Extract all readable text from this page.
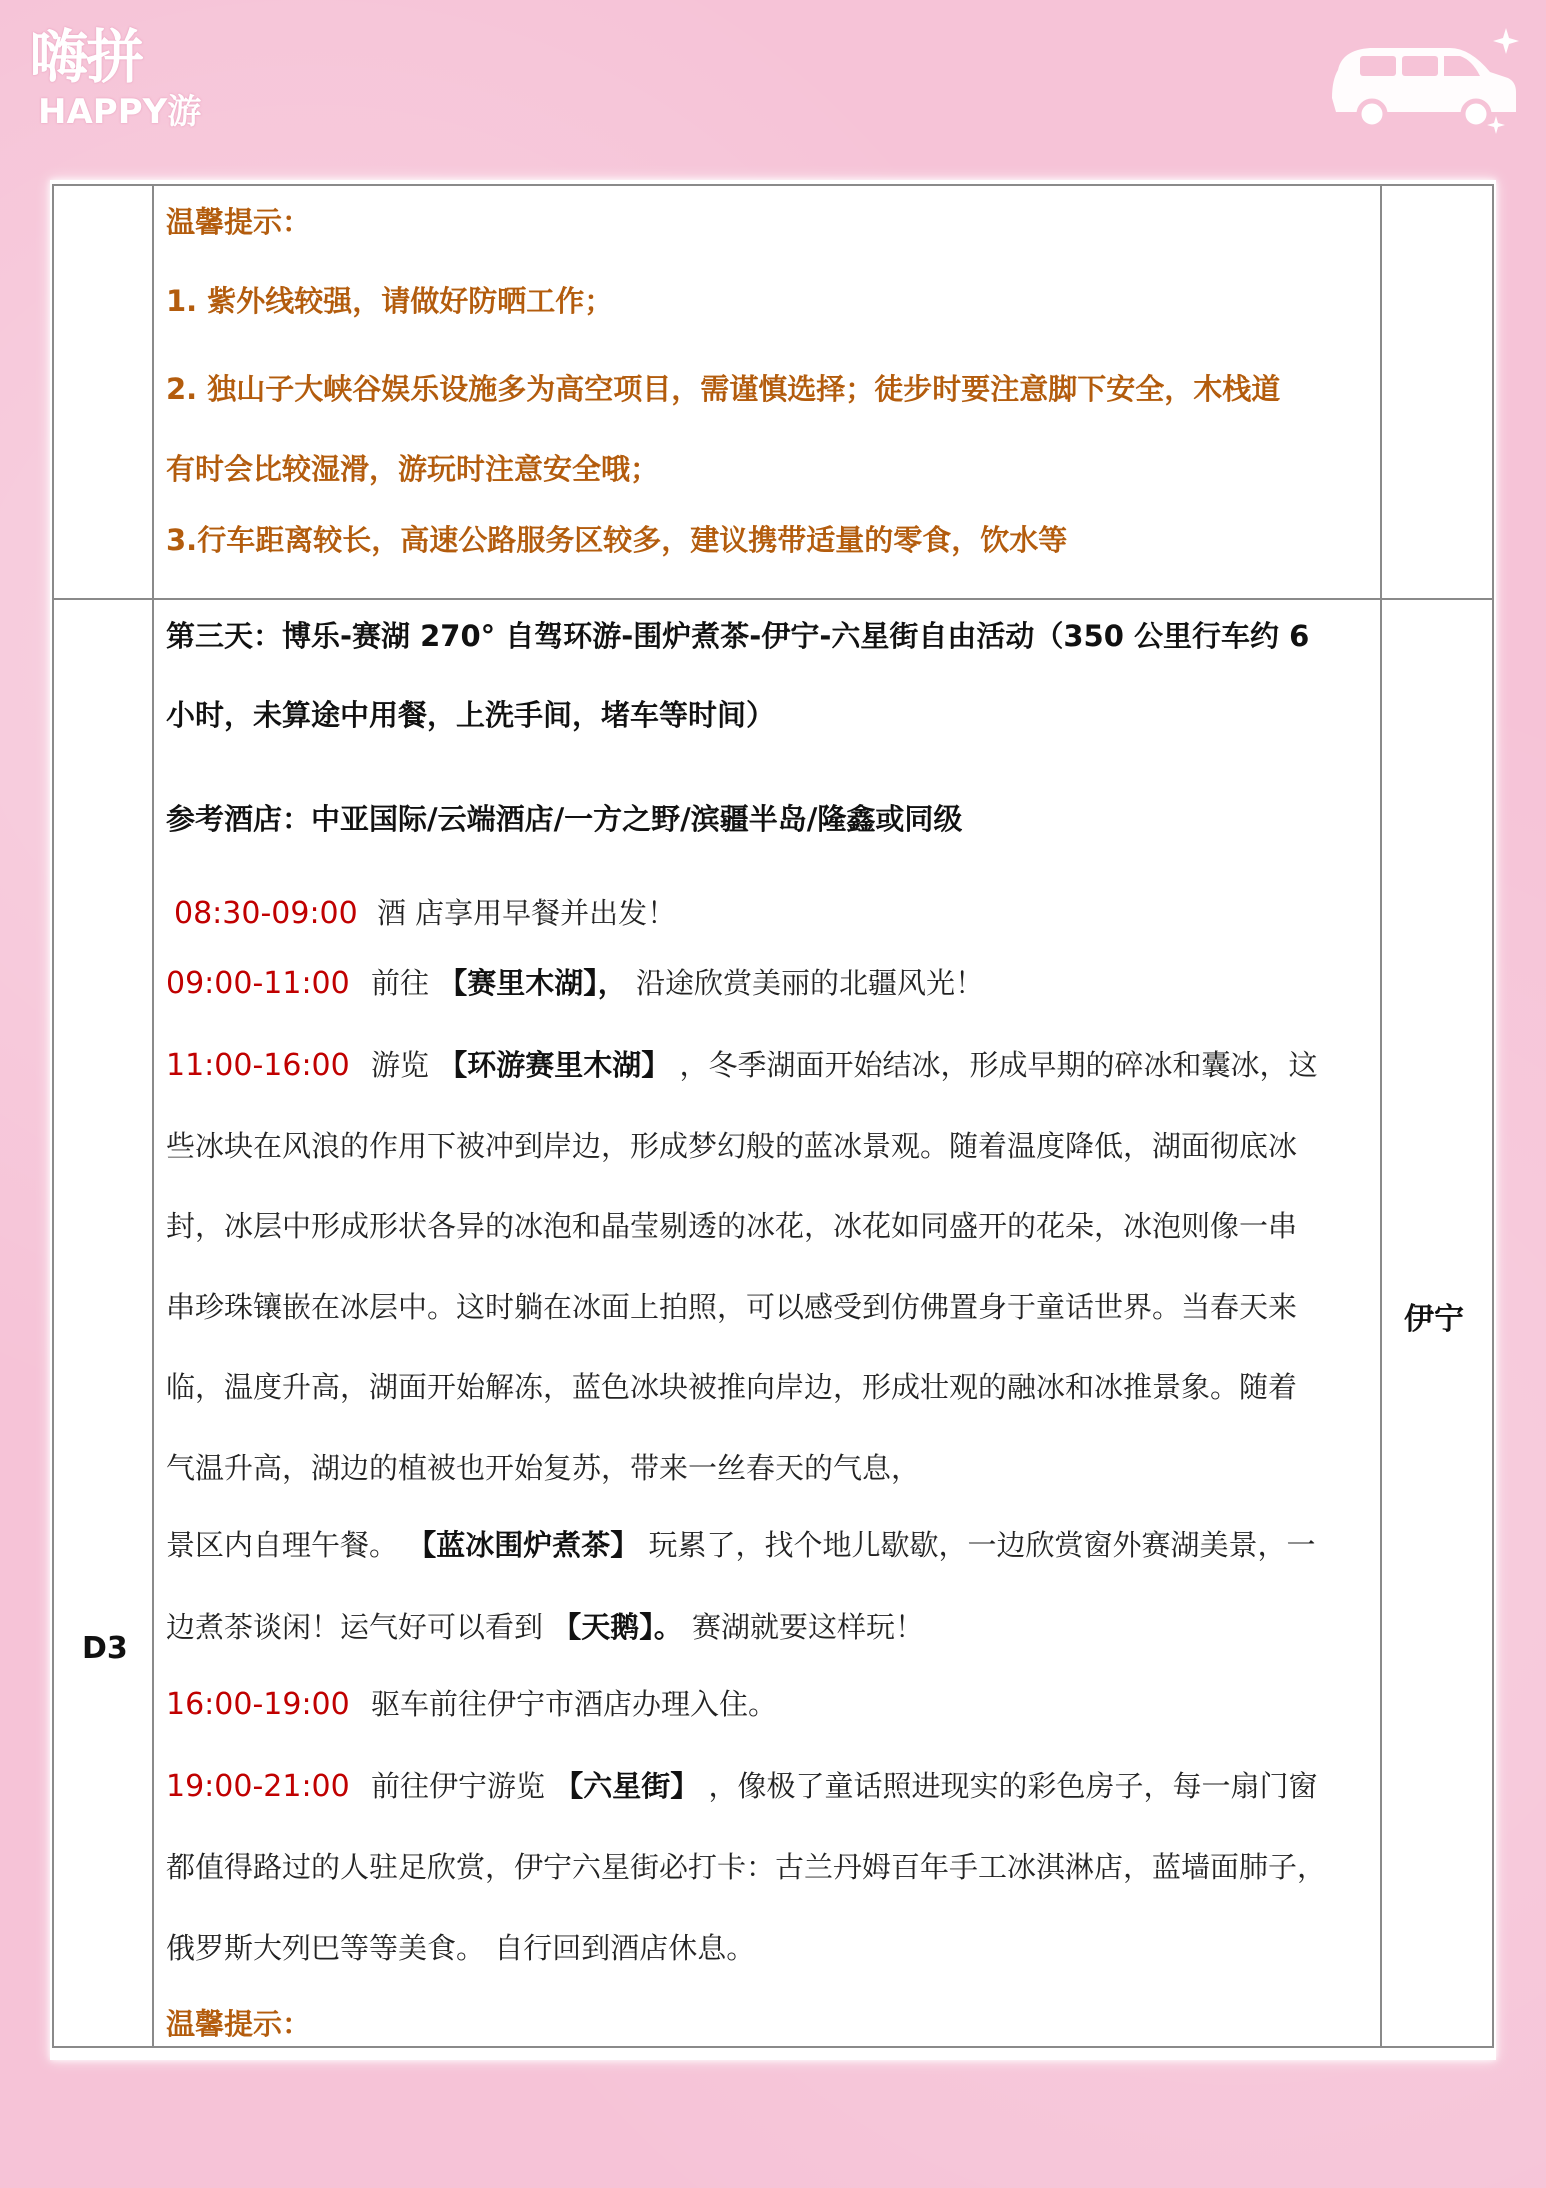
嗨拼
HAPPY游
温馨提示：
1. 紫外线较强，请做好防晒工作；
2. 独山子大峡谷娱乐设施多为高空项目，需谨慎选择；徒步时要注意脚下安全，木栈道
有时会比较湿滑，游玩时注意安全哦；
3.行车距离较长，高速公路服务区较多，建议携带适量的零食，饮水等
D3
伊宁
第三天：博乐-赛湖 270° 自驾环游-围炉煮茶-伊宁-六星街自由活动（350 公里行车约 6
小时，未算途中用餐，上洗手间，堵车等时间）
参考酒店：中亚国际/云端酒店/一方之野/滨疆半岛/隆鑫或同级
08:30-09:00 酒 店享用早餐并出发！
09:00-11:00 前往 【赛里木湖】， 沿途欣赏美丽的北疆风光！
11:00-16:00 游览 【环游赛里木湖】 ，冬季湖面开始结冰，形成早期的碎冰和囊冰，这
些冰块在风浪的作用下被冲到岸边，形成梦幻般的蓝冰景观。随着温度降低，湖面彻底冰
封，冰层中形成形状各异的冰泡和晶莹剔透的冰花，冰花如同盛开的花朵，冰泡则像一串
串珍珠镶嵌在冰层中。这时躺在冰面上拍照，可以感受到仿佛置身于童话世界。当春天来
临，温度升高，湖面开始解冻，蓝色冰块被推向岸边，形成壮观的融冰和冰推景象。随着
气温升高，湖边的植被也开始复苏，带来一丝春天的气息，
景区内自理午餐。 【蓝冰围炉煮茶】 玩累了，找个地儿歇歇，一边欣赏窗外赛湖美景，一
边煮茶谈闲！运气好可以看到 【天鹅】。 赛湖就要这样玩！
16:00-19:00 驱车前往伊宁市酒店办理入住。
19:00-21:00 前往伊宁游览 【六星街】 ，像极了童话照进现实的彩色房子，每一扇门窗
都值得路过的人驻足欣赏，伊宁六星街必打卡：古兰丹姆百年手工冰淇淋店，蓝墙面肺子，
俄罗斯大列巴等等美食。 自行回到酒店休息。
温馨提示：
